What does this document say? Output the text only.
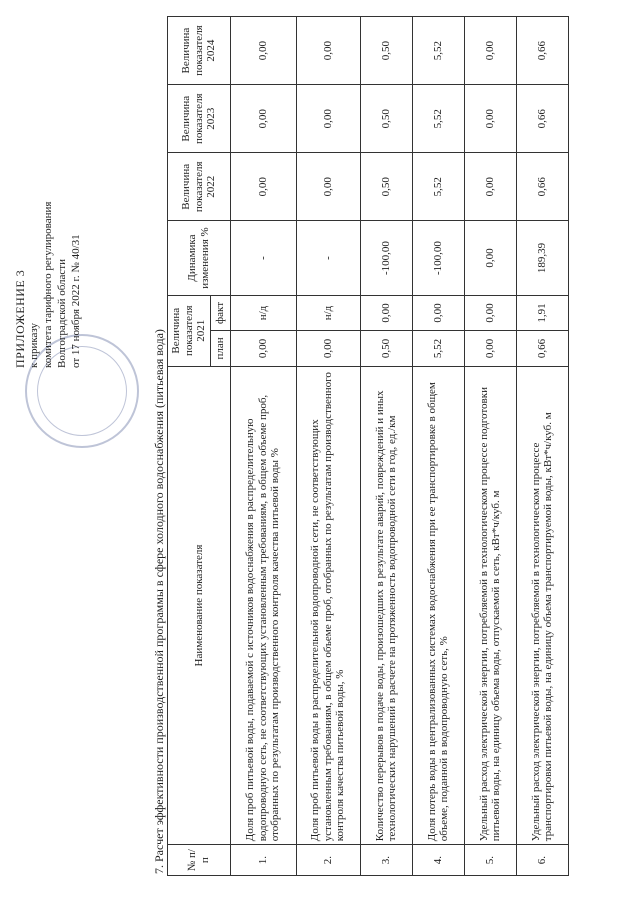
ПРИЛОЖЕНИЕ 3 к приказу комитета тарифного регулирования Волгоградской области от 17 ноября 2022 г. № 40/31
7. Расчет эффективности производственной программы в сфере холодного водоснабжения (питьевая вода) № п/п	Наименование показателя	Величина показателя 2021		Динамика изменения %	Величина показателя 2022	Величина показателя 2023	Величина показателя 2024
		план	факт				
1.	Доля проб питьевой воды, подаваемой с источников водоснабжения в распределительную водопроводную сеть, не соответствующих установленным требованиям, в общем объеме проб, отобранных по результатам производственного контроля качества питьевой воды %	0,00	н/д	-	0,00	0,00	0,00
2.	Доля проб питьевой воды в распределительной водопроводной сети, не соответствующих установленным требованиям, в общем объеме проб, отобранных по результатам производственного контроля качества питьевой воды, %	0,00	н/д	-	0,00	0,00	0,00
3.	Количество перерывов в подаче воды, произошедших в результате аварий, повреждений и иных технологических нарушений в расчете на протяженность водопроводной сети в год, ед./км	0,50	0,00	-100,00	0,50	0,50	0,50
4.	Доля потерь воды в централизованных системах водоснабжения при ее транспортировке в общем объеме, поданной в водопроводную сеть, %	5,52	0,00	-100,00	5,52	5,52	5,52
5.	Удельный расход электрической энергии, потребляемой в технологическом процессе подготовки питьевой воды, на единицу объема воды, отпускаемой в сеть, кВт*ч/куб. м	0,00	0,00	0,00	0,00	0,00	0,00
6.	Удельный расход электрической энергии, потребляемой в технологическом процессе транспортировки питьевой воды, на единицу объема транспортируемой воды, кВт*ч/куб. м	0,66	1,91	189,39	0,66	0,66	0,66
